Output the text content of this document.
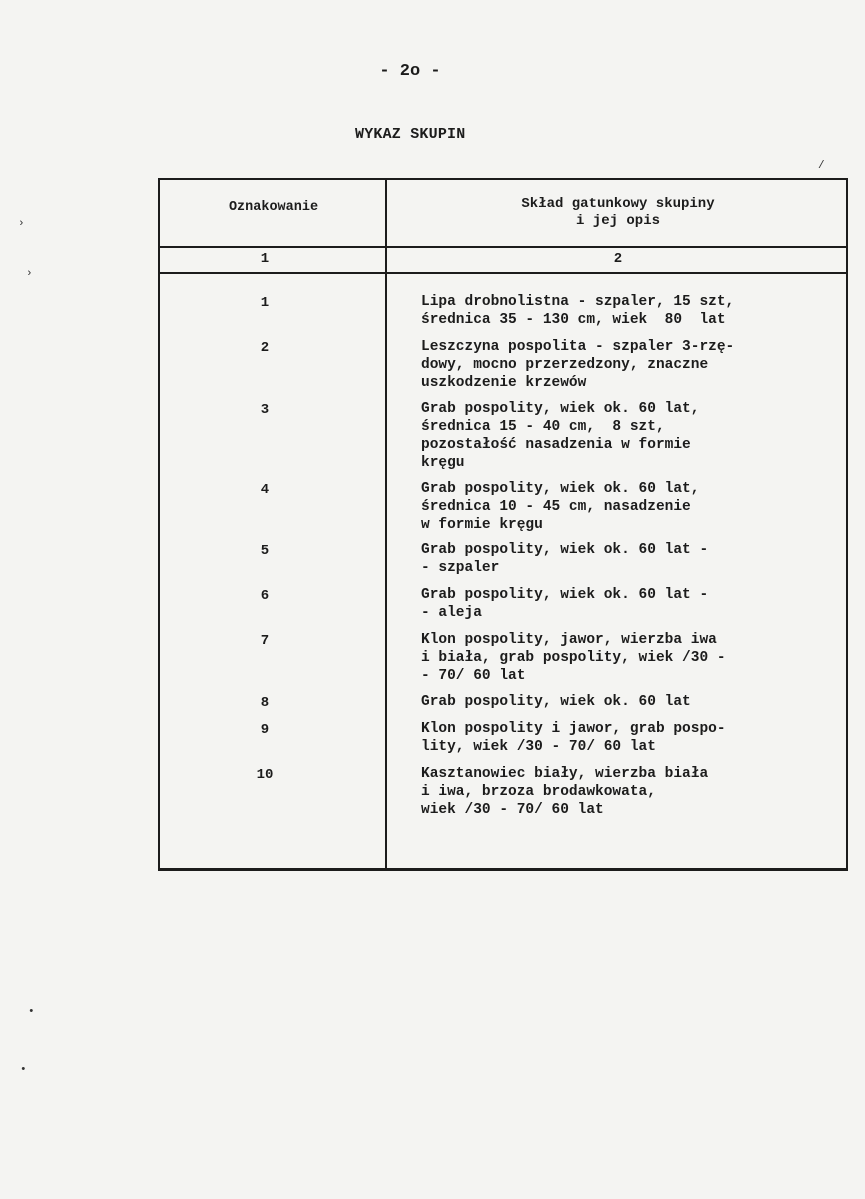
- 2o -
WYKAZ SKUPIN
Oznakowanie	Skład gatunkowy skupiny
i jej opis
1	2
1	Lipa drobnolistna - szpaler, 15 szt,
średnica 35 - 130 cm, wiek  80  lat
2	Leszczyna pospolita - szpaler 3-rzę-
dowy, mocno przerzedzony, znaczne
uszkodzenie krzewów
3	Grab pospolity, wiek ok. 60 lat,
średnica 15 - 40 cm,  8 szt,
pozostałość nasadzenia w formie
kręgu
4	Grab pospolity, wiek ok. 60 lat,
średnica 10 - 45 cm, nasadzenie
w formie kręgu
5	Grab pospolity, wiek ok. 60 lat -
- szpaler
6	Grab pospolity, wiek ok. 60 lat -
- aleja
7	Klon pospolity, jawor, wierzba iwa
i biała, grab pospolity, wiek /30 -
- 70/ 60 lat
8	Grab pospolity, wiek ok. 60 lat
9	Klon pospolity i jawor, grab pospo-
lity, wiek /30 - 70/ 60 lat
10	Kasztanowiec biały, wierzba biała
i iwa, brzoza brodawkowata,
wiek /30 - 70/ 60 lat
›
›
•
•
/
